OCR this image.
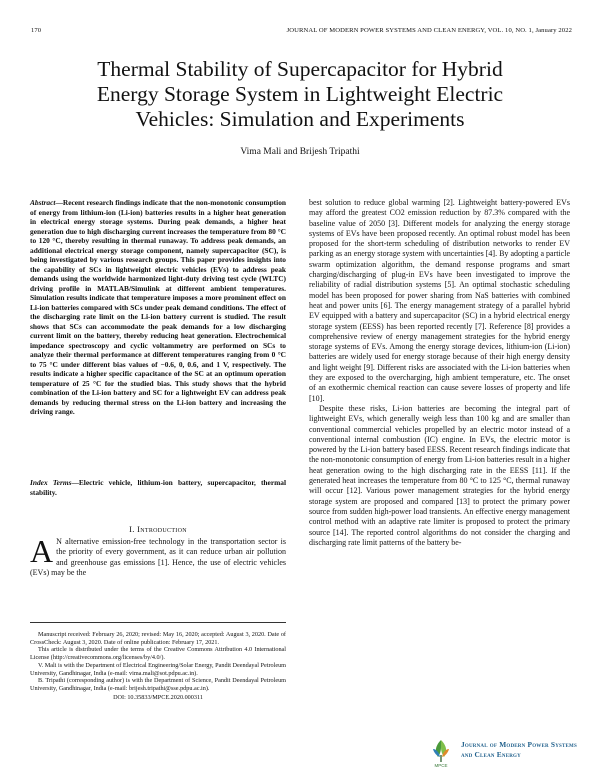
170	JOURNAL OF MODERN POWER SYSTEMS AND CLEAN ENERGY, VOL. 10, NO. 1, January 2022
Thermal Stability of Supercapacitor for Hybrid
Energy Storage System in Lightweight Electric
Vehicles: Simulation and Experiments
Vima Mali and Brijesh Tripathi
Abstract—Recent research findings indicate that the non-monotonic consumption of energy from lithium-ion (Li-ion) batteries results in a higher heat generation in electrical energy storage systems. During peak demands, a higher heat generation due to high discharging current increases the temperature from 80 °C to 120 °C, thereby resulting in thermal runaway. To address peak demands, an additional electrical energy storage component, namely supercapacitor (SC), is being investigated by various research groups. This paper provides insights into the capability of SCs in lightweight electric vehicles (EVs) to address peak demands using the worldwide harmonized light-duty driving test cycle (WLTC) driving profile in MATLAB/Simulink at different ambient temperatures. Simulation results indicate that temperature imposes a more prominent effect on Li-ion batteries compared with SCs under peak demand conditions. The effect of the discharging rate limit on the Li-ion battery current is studied. The result shows that SCs can accommodate the peak demands for a low discharging current limit on the battery, thereby reducing heat generation. Electrochemical impedance spectroscopy and cyclic voltammetry are performed on SCs to analyze their thermal performance at different temperatures ranging from 0 °C to 75 °C under different bias values of −0.6, 0, 0.6, and 1 V, respectively. The results indicate a higher specific capacitance of the SC at an optimum operation temperature of 25 °C for the studied bias. This study shows that the hybrid combination of the Li-ion battery and SC for a lightweight EV can address peak demands by reducing thermal stress on the Li-ion battery and increasing the driving range.
Index Terms—Electric vehicle, lithium-ion battery, supercapacitor, thermal stability.
I. Introduction
A N alternative emission-free technology in the transportation sector is the priority of every government, as it can reduce urban air pollution and greenhouse gas emissions [1]. Hence, the use of electric vehicles (EVs) may be the

Manuscript received: February 26, 2020; revised: May 16, 2020; accepted: August 3, 2020. Date of CrossCheck: August 3, 2020. Date of online publication: February 17, 2021.

This article is distributed under the terms of the Creative Commons Attribution 4.0 International License (http://creativecommons.org/licenses/by/4.0/).

V. Mali is with the Department of Electrical Engineering/Solar Energy, Pandit Deendayal Petroleum University, Gandhinagar, India (e-mail: vima.mali@sot.pdpu.ac.in).

B. Tripathi (corresponding author) is with the Department of Science, Pandit Deendayal Petroleum University, Gandhinagar, India (e-mail: brijesh.tripathi@sse.pdpu.ac.in).

DOI: 10.35833/MPCE.2020.000311

best solution to reduce global warming [2]. Lightweight battery-powered EVs may afford the greatest CO2 emission reduction by 87.3% compared with the baseline value of 2050 [3]. Different models for analyzing the energy storage systems of EVs have been proposed recently. An optimal robust model has been proposed for the short-term scheduling of distribution networks to render EV parking as an energy storage system with uncertainties [4]. By adopting a particle swarm optimization algorithm, the demand response programs and smart charging/discharging of plug-in EVs have been investigated to improve the reliability of radial distribution systems [5]. An optimal stochastic scheduling model has been proposed for power sharing from NaS batteries with combined heat and power units [6]. The energy management strategy of a parallel hybrid EV equipped with a battery and supercapacitor (SC) in a hybrid electrical energy storage system (EESS) has been reported recently [7]. Reference [8] provides a comprehensive review of energy management strategies for the hybrid energy storage systems of EVs. Among the energy storage devices, lithium-ion (Li-ion) batteries are widely used for energy storage because of their high energy density and light weight [9]. Different risks are associated with the Li-ion batteries when they are exposed to the overcharging, high ambient temperature, etc. The onset of an exothermic chemical reaction can cause severe losses of property and life [10].

Despite these risks, Li-ion batteries are becoming the integral part of lightweight EVs, which generally weigh less than 100 kg and are smaller than conventional commercial vehicles propelled by an electric motor instead of a conventional internal combustion (IC) engine. In EVs, the electric motor is powered by the Li-ion battery based EESS. Recent research findings indicate that the non-monotonic consumption of energy from Li-ion batteries result in a higher heat generation owing to the high discharging rate in the EESS [11]. If the generated heat increases the temperature from 80 °C to 125 °C, thermal runaway will occur [12]. Various power management strategies for the hybrid energy storage system are proposed and compared [13] to protect the primary power source from sudden high-power load transients. An effective energy management control method with an adaptive rate limiter is proposed to protect the primary source [14]. The reported control algorithms do not consider the charging and discharging rate limit patterns of the battery be-

MPCE
Journal of Modern Power Systems
and Clean Energy
